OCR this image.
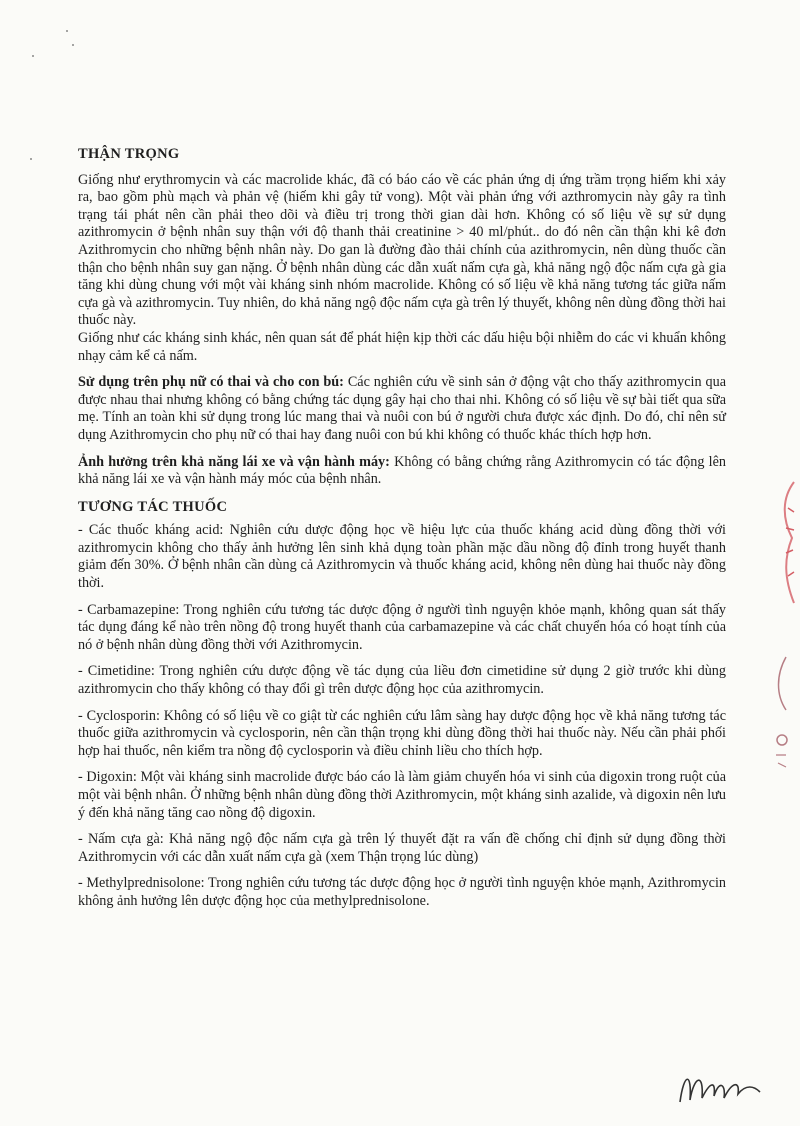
THẬN TRỌNG

Giống như erythromycin và các macrolide khác, đã có báo cáo về các phản ứng dị ứng trầm trọng hiếm khi xảy ra, bao gồm phù mạch và phản vệ (hiếm khi gây tử vong). Một vài phản ứng với azthromycin này gây ra tình trạng tái phát nên cần phải theo dõi và điều trị trong thời gian dài hơn. Không có số liệu về sự sử dụng azithromycin ở bệnh nhân suy thận với độ thanh thải creatinine > 40 ml/phút.. do đó nên cần thận khi kê đơn Azithromycin cho những bệnh nhân này. Do gan là đường đào thải chính của azithromycin, nên dùng thuốc cần thận cho bệnh nhân suy gan nặng. Ở bệnh nhân dùng các dẫn xuất nấm cựa gà, khả năng ngộ độc nấm cựa gà gia tăng khi dùng chung với một vài kháng sinh nhóm macrolide. Không có số liệu về khả năng tương tác giữa nấm cựa gà và azithromycin. Tuy nhiên, do khả năng ngộ độc nấm cựa gà trên lý thuyết, không nên dùng đồng thời hai thuốc này.

Giống như các kháng sinh khác, nên quan sát để phát hiện kịp thời các dấu hiệu bội nhiễm do các vi khuẩn không nhạy cảm kể cả nấm.

Sử dụng trên phụ nữ có thai và cho con bú: Các nghiên cứu về sinh sản ở động vật cho thấy azithromycin qua được nhau thai nhưng không có bằng chứng tác dụng gây hại cho thai nhi. Không có số liệu về sự bài tiết qua sữa mẹ. Tính an toàn khi sử dụng trong lúc mang thai và nuôi con bú ở người chưa được xác định. Do đó, chỉ nên sử dụng Azithromycin cho phụ nữ có thai hay đang nuôi con bú khi không có thuốc khác thích hợp hơn.

Ảnh hưởng trên khả năng lái xe và vận hành máy: Không có bằng chứng rằng Azithromycin có tác động lên khả năng lái xe và vận hành máy móc của bệnh nhân.

TƯƠNG TÁC THUỐC

- Các thuốc kháng acid: Nghiên cứu dược động học về hiệu lực của thuốc kháng acid dùng đồng thời với azithromycin không cho thấy ảnh hưởng lên sinh khả dụng toàn phần mặc dầu nồng độ đỉnh trong huyết thanh giảm đến 30%. Ở bệnh nhân cần dùng cả Azithromycin và thuốc kháng acid, không nên dùng hai thuốc này đồng thời.

- Carbamazepine: Trong nghiên cứu tương tác dược động ở người tình nguyện khỏe mạnh, không quan sát thấy tác dụng đáng kể nào trên nồng độ trong huyết thanh của carbamazepine và các chất chuyển hóa có hoạt tính của nó ở bệnh nhân dùng đồng thời với Azithromycin.

- Cimetidine: Trong nghiên cứu dược động về tác dụng của liều đơn cimetidine sử dụng 2 giờ trước khi dùng azithromycin cho thấy không có thay đổi gì trên dược động học của azithromycin.

- Cyclosporin: Không có số liệu về co giật từ các nghiên cứu lâm sàng hay dược động học về khả năng tương tác thuốc giữa azithromycin và cyclosporin, nên cần thận trọng khi dùng đồng thời hai thuốc này. Nếu cần phải phối hợp hai thuốc, nên kiểm tra nồng độ cyclosporin và điều chỉnh liều cho thích hợp.

- Digoxin: Một vài kháng sinh macrolide được báo cáo là làm giảm chuyển hóa vi sinh của digoxin trong ruột của một vài bệnh nhân. Ở những bệnh nhân dùng đồng thời Azithromycin, một kháng sinh azalide, và digoxin nên lưu ý đến khả năng tăng cao nồng độ digoxin.

- Nấm cựa gà: Khả năng ngộ độc nấm cựa gà trên lý thuyết đặt ra vấn đề chống chỉ định sử dụng đồng thời Azithromycin với các dẫn xuất nấm cựa gà (xem Thận trọng lúc dùng)

- Methylprednisolone: Trong nghiên cứu tương tác dược động học ở người tình nguyện khỏe mạnh, Azithromycin không ảnh hưởng lên dược động học của methylprednisolone.
